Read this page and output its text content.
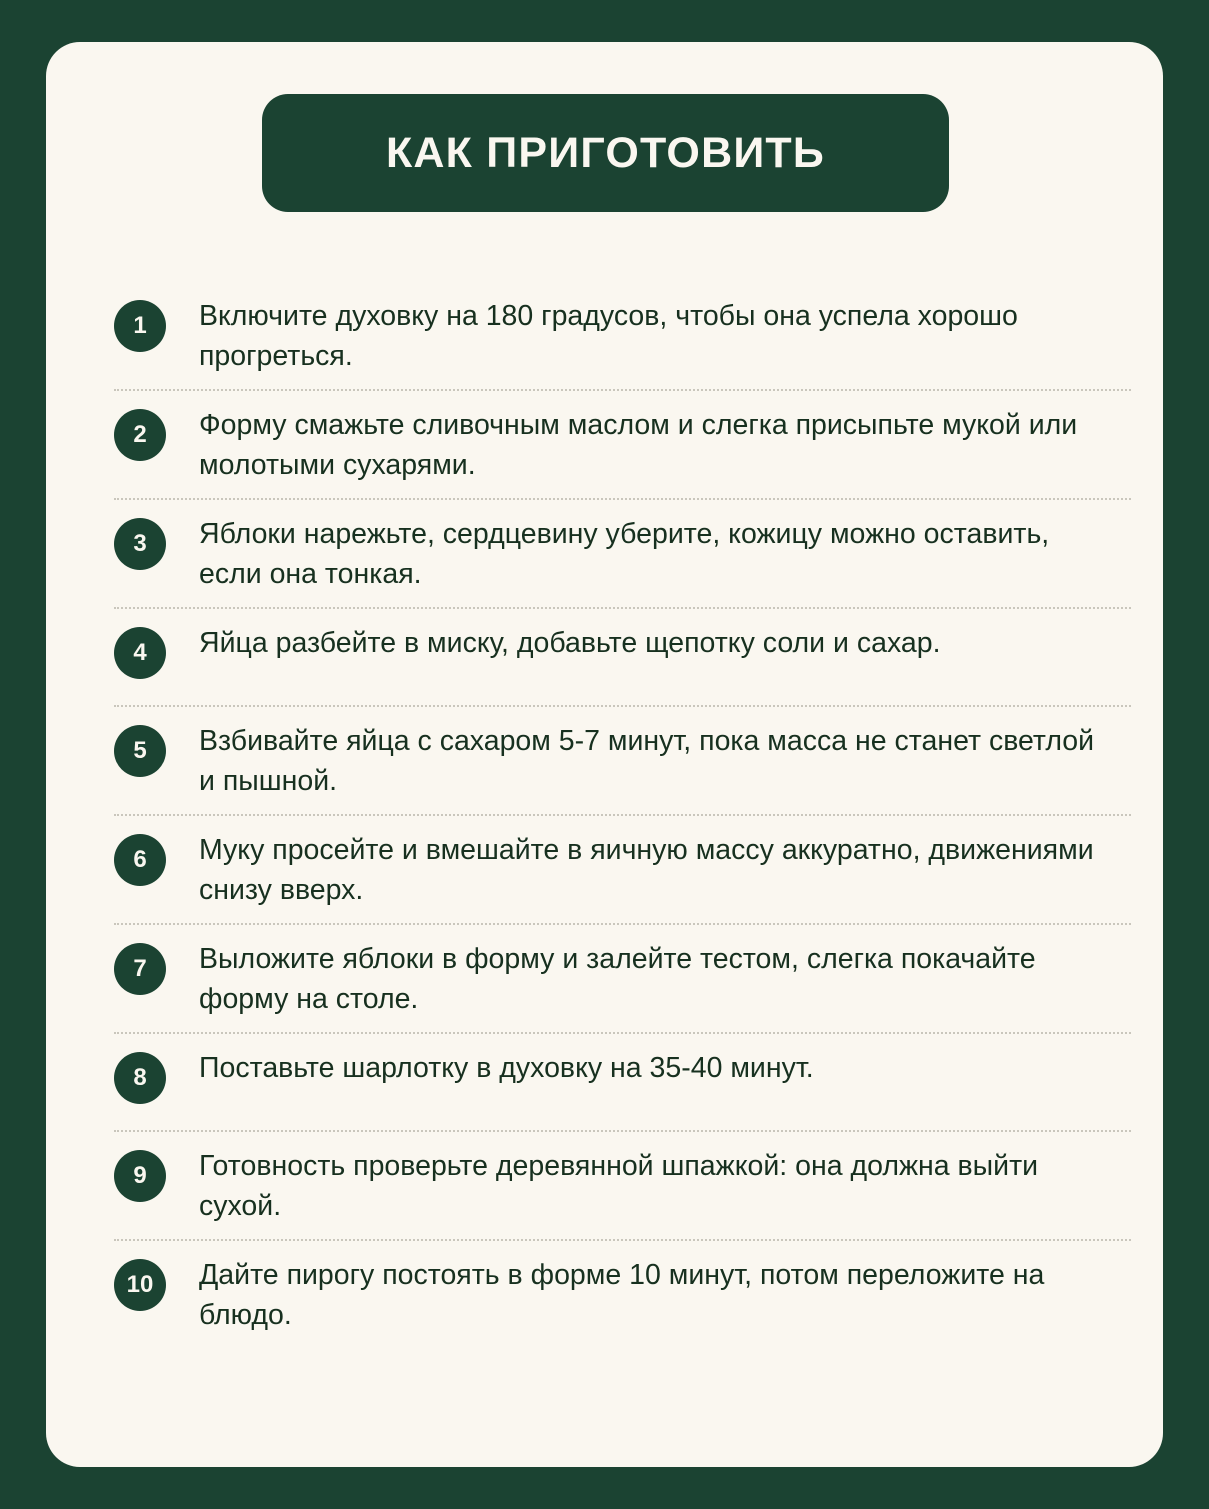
КАК ПРИГОТОВИТЬ
1	Включите духовку на 180 градусов, чтобы она успела хорошо прогреться.
2	Форму смажьте сливочным маслом и слегка присыпьте мукой или молотыми сухарями.
3	Яблоки нарежьте, сердцевину уберите, кожицу можно оставить, если она тонкая.
4	Яйца разбейте в миску, добавьте щепотку соли и сахар.
5	Взбивайте яйца с сахаром 5-7 минут, пока масса не станет светлой и пышной.
6	Муку просейте и вмешайте в яичную массу аккуратно, движениями снизу вверх.
7	Выложите яблоки в форму и залейте тестом, слегка покачайте форму на столе.
8	Поставьте шарлотку в духовку на 35-40 минут.
9	Готовность проверьте деревянной шпажкой: она должна выйти сухой.
10	Дайте пирогу постоять в форме 10 минут, потом переложите на блюдо.
